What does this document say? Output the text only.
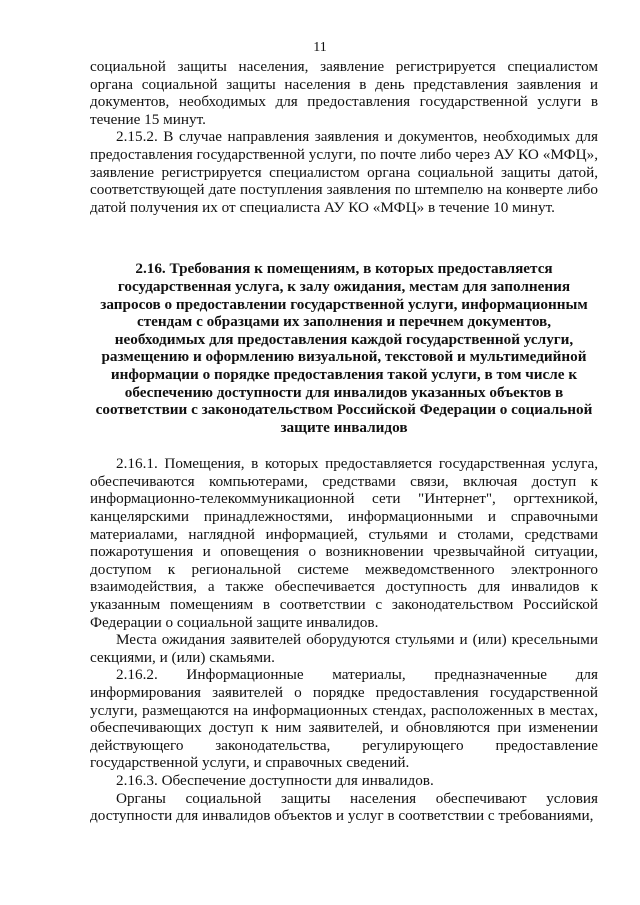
11

социальной защиты населения, заявление регистрируется специалистом органа социальной защиты населения в день представления заявления и документов, необходимых для предоставления государственной услуги в течение 15 минут.

2.15.2. В случае направления заявления и документов, необходимых для предоставления государственной услуги, по почте либо через АУ КО «МФЦ», заявление регистрируется специалистом органа социальной защиты датой, соответствующей дате поступления заявления по штемпелю на конверте либо датой получения их от специалиста АУ КО «МФЦ» в течение 10 минут.

2.16. Требования к помещениям, в которых предоставляется государственная услуга, к залу ожидания, местам для заполнения запросов о предоставлении государственной услуги, информационным стендам с образцами их заполнения и перечнем документов, необходимых для предоставления каждой государственной услуги, размещению и оформлению визуальной, текстовой и мультимедийной информации о порядке предоставления такой услуги, в том числе к обеспечению доступности для инвалидов указанных объектов в соответствии с законодательством Российской Федерации о социальной защите инвалидов

2.16.1. Помещения, в которых предоставляется государственная услуга, обеспечиваются компьютерами, средствами связи, включая доступ к информационно-телекоммуникационной сети "Интернет", оргтехникой, канцелярскими принадлежностями, информационными и справочными материалами, наглядной информацией, стульями и столами, средствами пожаротушения и оповещения о возникновении чрезвычайной ситуации, доступом к региональной системе межведомственного электронного взаимодействия, а также обеспечивается доступность для инвалидов к указанным помещениям в соответствии с законодательством Российской Федерации о социальной защите инвалидов.

Места ожидания заявителей оборудуются стульями и (или) кресельными секциями, и (или) скамьями.

2.16.2. Информационные материалы, предназначенные для информирования заявителей о порядке предоставления государственной услуги, размещаются на информационных стендах, расположенных в местах, обеспечивающих доступ к ним заявителей, и обновляются при изменении действующего законодательства, регулирующего предоставление государственной услуги, и справочных сведений.

2.16.3. Обеспечение доступности для инвалидов.

Органы социальной защиты населения обеспечивают условия доступности для инвалидов объектов и услуг в соответствии с требованиями,
